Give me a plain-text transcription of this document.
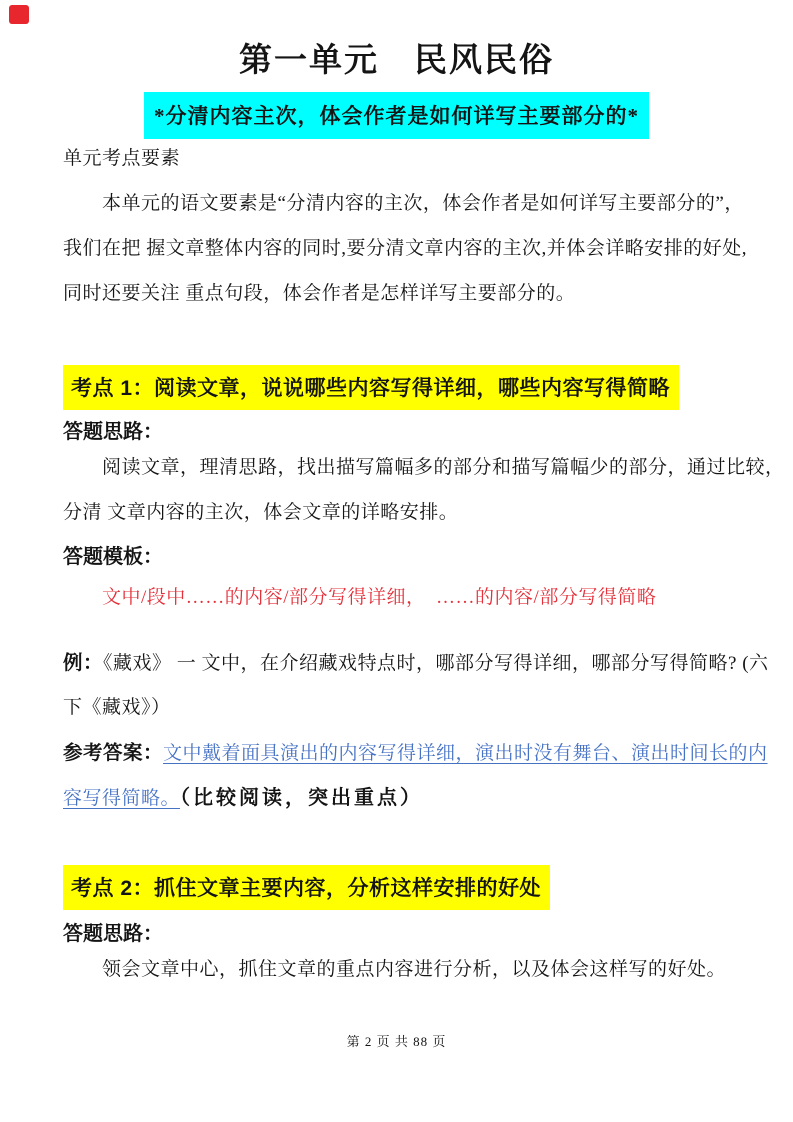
第一单元　民风民俗
*分清内容主次，体会作者是如何详写主要部分的*
单元考点要素
本单元的语文要素是“分清内容的主次，体会作者是如何详写主要部分的”，
我们在把 握文章整体内容的同时,要分清文章内容的主次,并体会详略安排的好处,
同时还要关注 重点句段，体会作者是怎样详写主要部分的。
考点 1：阅读文章，说说哪些内容写得详细，哪些内容写得简略
答题思路：
阅读文章，理清思路，找出描写篇幅多的部分和描写篇幅少的部分，通过比较，
分清 文章内容的主次，体会文章的详略安排。
答题模板：
文中/段中……的内容/部分写得详细，  ……的内容/部分写得简略
例：《藏戏》 一 文中，在介绍藏戏特点时，哪部分写得详细，哪部分写得简略? (六
下《藏戏》）
参考答案：文中戴着面具演出的内容写得详细，演出时没有舞台、演出时间长的内
容写得简略。（比较阅读，突出重点）
考点 2：抓住文章主要内容，分析这样安排的好处
答题思路：
领会文章中心，抓住文章的重点内容进行分析，以及体会这样写的好处。
第 2 页 共 88 页
